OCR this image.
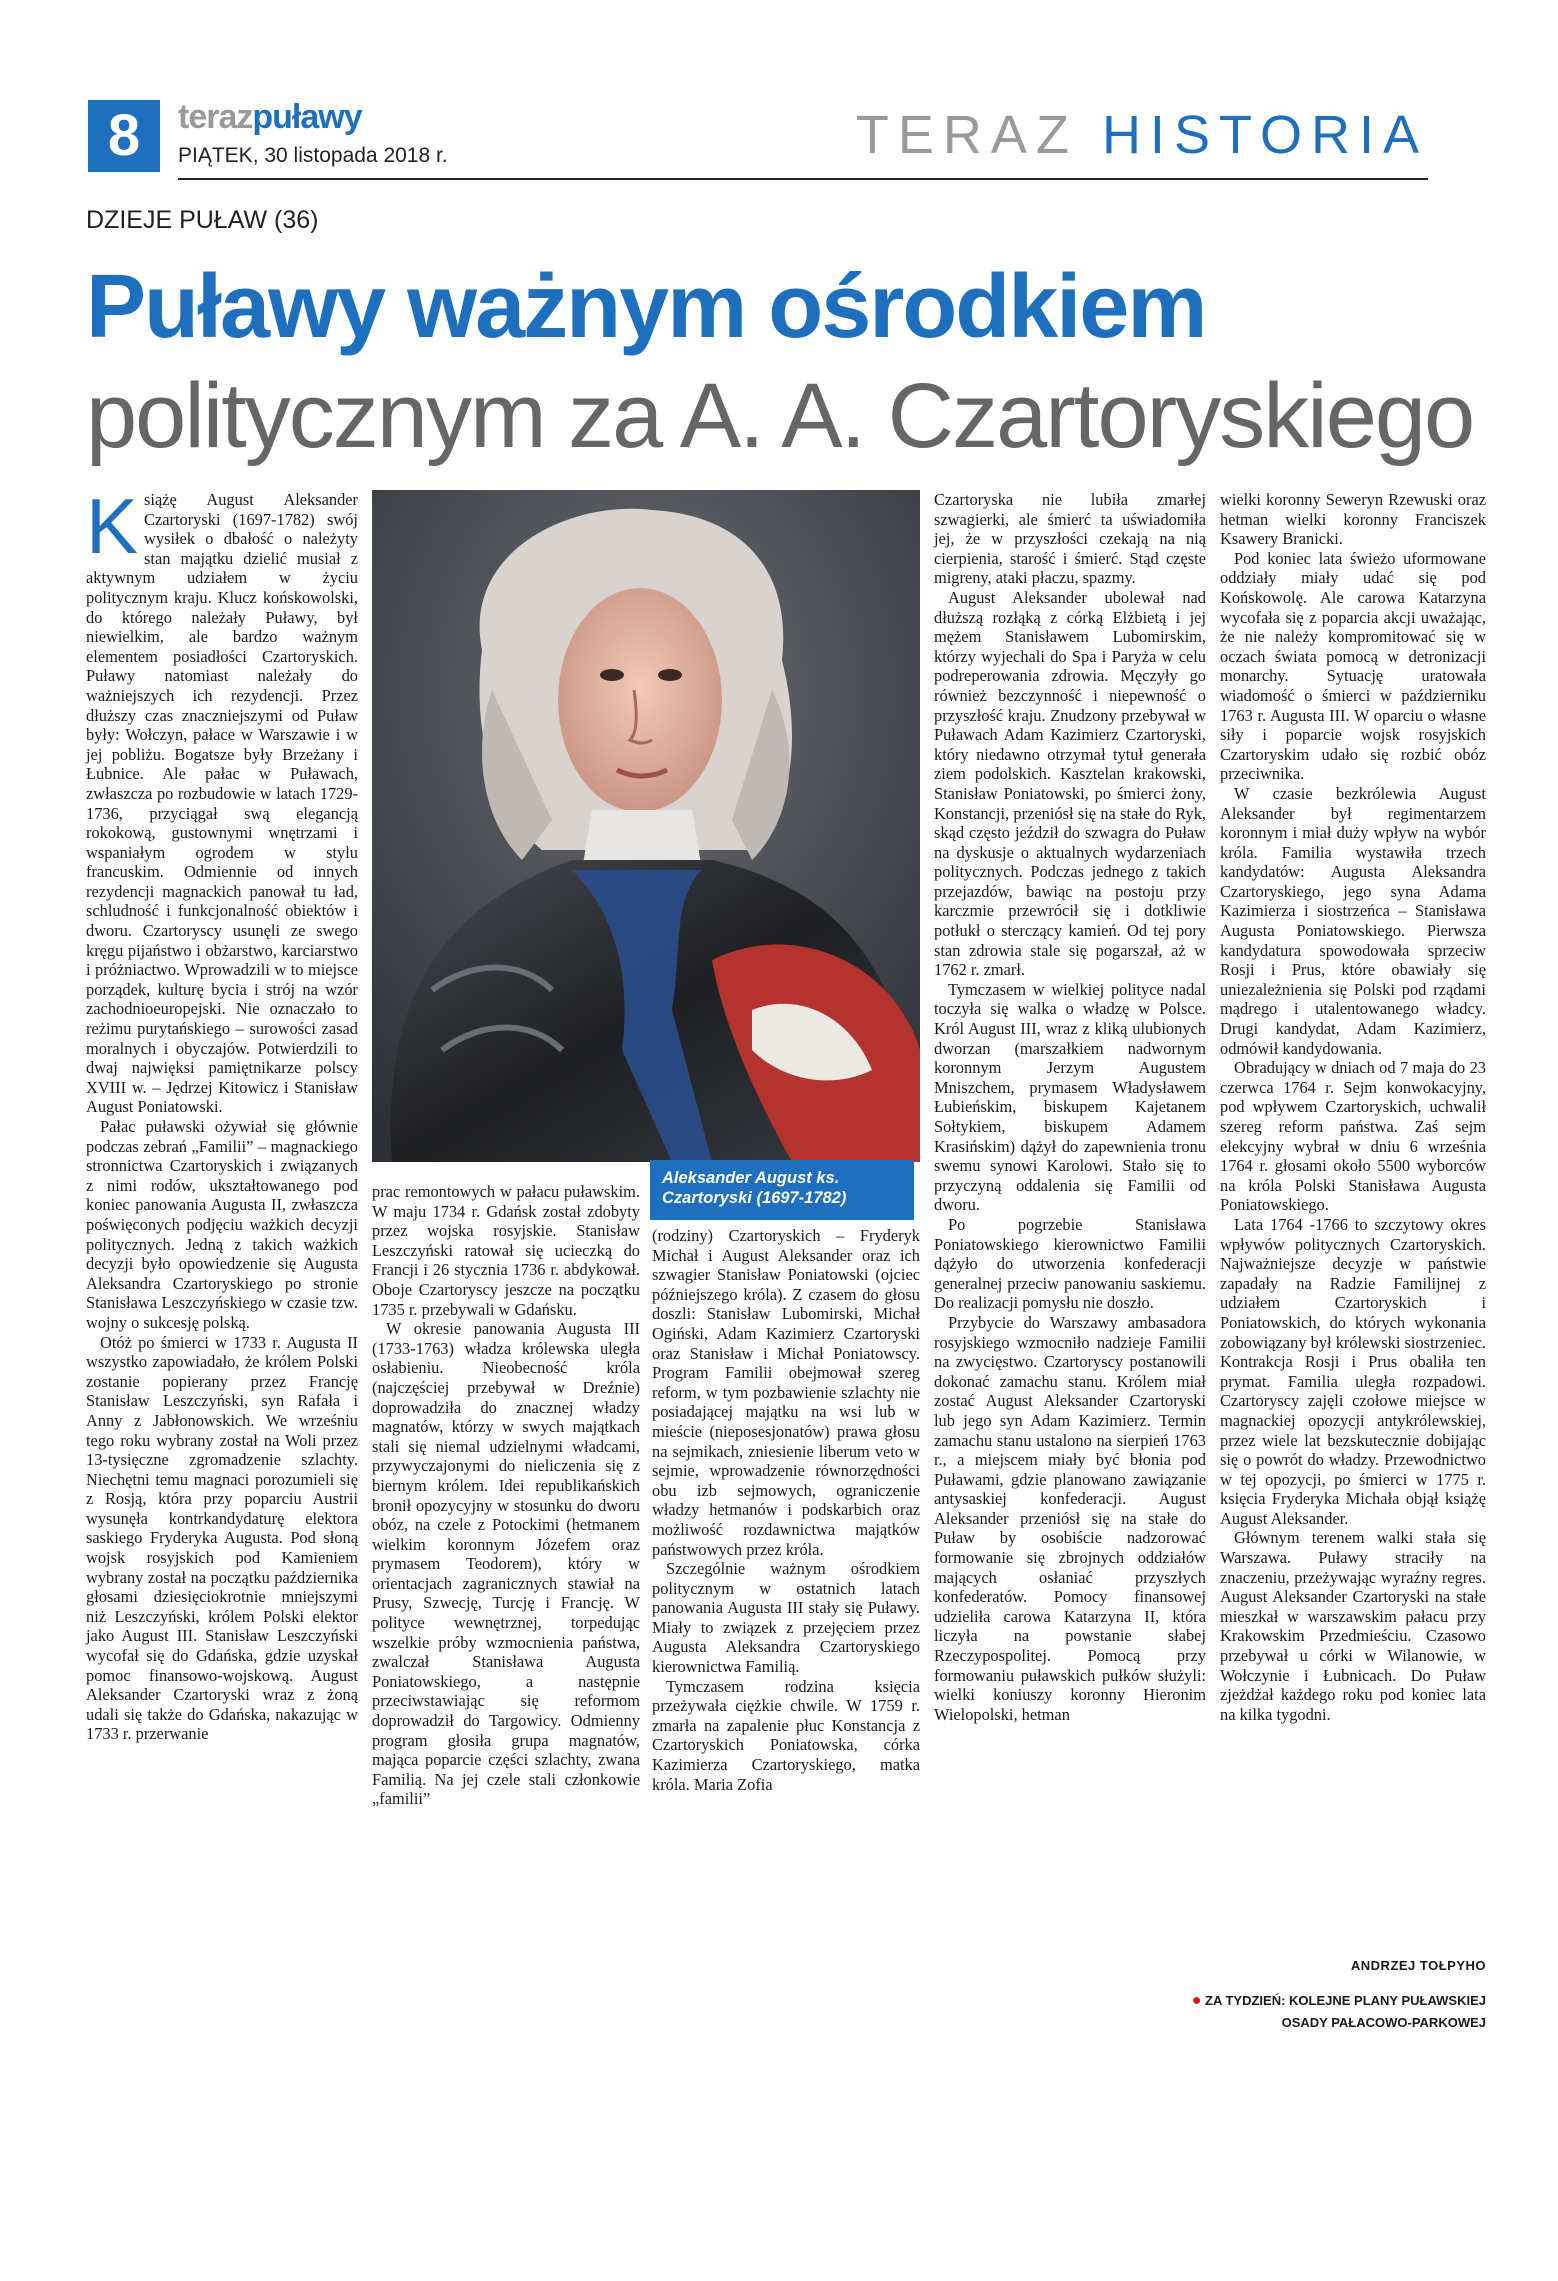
8	terazpuławy
PIĄTEK, 30 listopada 2018 r.	TERAZ HISTORIA
DZIEJE PUŁAW (36)
Puławy ważnym ośrodkiem
politycznym za A. A. Czartoryskiego

Książę August Aleksander Czartoryski (1697-1782) swój wysiłek o dbałość o należyty stan majątku dzielić musiał z aktywnym udziałem w życiu politycznym kraju. Klucz końskowolski, do którego należały Puławy, był niewielkim, ale bardzo ważnym elementem posiadłości Czartoryskich. Puławy natomiast należały do ważniejszych ich rezydencji. Przez dłuższy czas znaczniejszymi od Puław były: Wołczyn, pałace w Warszawie i w jej pobliżu. Bogatsze były Brzeżany i Łubnice. Ale pałac w Puławach, zwłaszcza po rozbudowie w latach 1729-1736, przyciągał swą elegancją rokokową, gustownymi wnętrzami i wspaniałym ogrodem w stylu francuskim. Odmiennie od innych rezydencji magnackich panował tu ład, schludność i funkcjonalność obiektów i dworu. Czartoryscy usunęli ze swego kręgu pijaństwo i obżarstwo, karciarstwo i próżniactwo. Wprowadzili w to miejsce porządek, kulturę bycia i strój na wzór zachodnioeuropejski. Nie oznaczało to reżimu purytańskiego – surowości zasad moralnych i obyczajów. Potwierdzili to dwaj najwięksi pamiętnikarze polscy XVIII w. – Jędrzej Kitowicz i Stanisław August Poniatowski.

Pałac puławski ożywiał się głównie podczas zebrań „Familii” – magnackiego stronnictwa Czartoryskich i związanych z nimi rodów, ukształtowanego pod koniec panowania Augusta II, zwłaszcza poświęconych podjęciu ważkich decyzji politycznych. Jedną z takich ważkich decyzji było opowiedzenie się Augusta Aleksandra Czartoryskiego po stronie Stanisława Leszczyńskiego w czasie tzw. wojny o sukcesję polską.

Otóż po śmierci w 1733 r. Augusta II wszystko zapowiadało, że królem Polski zostanie popierany przez Francję Stanisław Leszczyński, syn Rafała i Anny z Jabłonowskich. We wrześniu tego roku wybrany został na Woli przez 13-tysięczne zgromadzenie szlachty. Niechętni temu magnaci porozumieli się z Rosją, która przy poparciu Austrii wysunęła kontrkandydaturę elektora saskiego Fryderyka Augusta. Pod słoną wojsk rosyjskich pod Kamieniem wybrany został na początku października głosami dziesięciokrotnie mniejszymi niż Leszczyński, królem Polski elektor jako August III. Stanisław Leszczyński wycofał się do Gdańska, gdzie uzyskał pomoc finansowo-wojskową. August Aleksander Czartoryski wraz z żoną udali się także do Gdańska, nakazując w 1733 r. przerwanie

Aleksander August ks. Czartoryski (1697-1782)

prac remontowych w pałacu puławskim. W maju 1734 r. Gdańsk został zdobyty przez wojska rosyjskie. Stanisław Leszczyński ratował się ucieczką do Francji i 26 stycznia 1736 r. abdykował. Oboje Czartoryscy jeszcze na początku 1735 r. przebywali w Gdańsku.

W okresie panowania Augusta III (1733-1763) władza królewska uległa osłabieniu. Nieobecność króla (najczęściej przebywał w Dreźnie) doprowadziła do znacznej władzy magnatów, którzy w swych majątkach stali się niemal udzielnymi władcami, przywyczajonymi do nieliczenia się z biernym królem. Idei republikańskich bronił opozycyjny w stosunku do dworu obóz, na czele z Potockimi (hetmanem wielkim koronnym Józefem oraz prymasem Teodorem), który w orientacjach zagranicznych stawiał na Prusy, Szwecję, Turcję i Francję. W polityce wewnętrznej, torpedując wszelkie próby wzmocnienia państwa, zwalczał Stanisława Augusta Poniatowskiego, a następnie przeciwstawiając się reformom doprowadził do Targowicy. Odmienny program głosiła grupa magnatów, mająca poparcie części szlachty, zwana Familią. Na jej czele stali członkowie „familii”

(rodziny) Czartoryskich – Fryderyk Michał i August Aleksander oraz ich szwagier Stanisław Poniatowski (ojciec późniejszego króla). Z czasem do głosu doszli: Stanisław Lubomirski, Michał Ogiński, Adam Kazimierz Czartoryski oraz Stanisław i Michał Poniatowscy. Program Familii obejmował szereg reform, w tym pozbawienie szlachty nie posiadającej majątku na wsi lub w mieście (nieposesjonatów) prawa głosu na sejmikach, zniesienie liberum veto w sejmie, wprowadzenie równorzędności obu izb sejmowych, ograniczenie władzy hetmanów i podskarbich oraz możliwość rozdawnictwa majątków państwowych przez króla.

Szczególnie ważnym ośrodkiem politycznym w ostatnich latach panowania Augusta III stały się Puławy. Miały to związek z przejęciem przez Augusta Aleksandra Czartoryskiego kierownictwa Familią.

Tymczasem rodzina księcia przeżywała ciężkie chwile. W 1759 r. zmarła na zapalenie płuc Konstancja z Czartoryskich Poniatowska, córka Kazimierza Czartoryskiego, matka króla. Maria Zofia

Czartoryska nie lubiła zmarłej szwagierki, ale śmierć ta uświadomiła jej, że w przyszłości czekają na nią cierpienia, starość i śmierć. Stąd częste migreny, ataki płaczu, spazmy.

August Aleksander ubolewał nad dłuższą rozłąką z córką Elżbietą i jej mężem Stanisławem Lubomirskim, którzy wyjechali do Spa i Paryża w celu podreperowania zdrowia. Męczyły go również bezczynność i niepewność o przyszłość kraju. Znudzony przebywał w Puławach Adam Kazimierz Czartoryski, który niedawno otrzymał tytuł generała ziem podolskich. Kasztelan krakowski, Stanisław Poniatowski, po śmierci żony, Konstancji, przeniósł się na stałe do Ryk, skąd często jeździł do szwagra do Puław na dyskusje o aktualnych wydarzeniach politycznych. Podczas jednego z takich przejazdów, bawiąc na postoju przy karczmie przewrócił się i dotkliwie potłukł o sterczący kamień. Od tej pory stan zdrowia stale się pogarszał, aż w 1762 r. zmarł.

Tymczasem w wielkiej polityce nadal toczyła się walka o władzę w Polsce. Król August III, wraz z kliką ulubionych dworzan (marszałkiem nadwornym koronnym Jerzym Augustem Mniszchem, prymasem Władysławem Łubieńskim, biskupem Kajetanem Sołtykiem, biskupem Adamem Krasińskim) dążył do zapewnienia tronu swemu synowi Karolowi. Stało się to przyczyną oddalenia się Familii od dworu.

Po pogrzebie Stanisława Poniatowskiego kierownictwo Familii dążyło do utworzenia konfederacji generalnej przeciw panowaniu saskiemu. Do realizacji pomysłu nie doszło.

Przybycie do Warszawy ambasadora rosyjskiego wzmocniło nadzieje Familii na zwycięstwo. Czartoryscy postanowili dokonać zamachu stanu. Królem miał zostać August Aleksander Czartoryski lub jego syn Adam Kazimierz. Termin zamachu stanu ustalono na sierpień 1763 r., a miejscem miały być błonia pod Puławami, gdzie planowano zawiązanie antysaskiej konfederacji. August Aleksander przeniósł się na stałe do Puław by osobiście nadzorować formowanie się zbrojnych oddziałów mających osłaniać przyszłych konfederatów. Pomocy finansowej udzieliła carowa Katarzyna II, która liczyła na powstanie słabej Rzeczypospolitej. Pomocą przy formowaniu puławskich pułków służyli: wielki koniuszy koronny Hieronim Wielopolski, hetman

wielki koronny Seweryn Rzewuski oraz hetman wielki koronny Franciszek Ksawery Branicki.

Pod koniec lata świeżo uformowane oddziały miały udać się pod Końskowolę. Ale carowa Katarzyna wycofała się z poparcia akcji uważając, że nie należy kompromitować się w oczach świata pomocą w detronizacji monarchy. Sytuację uratowała wiadomość o śmierci w październiku 1763 r. Augusta III. W oparciu o własne siły i poparcie wojsk rosyjskich Czartoryskim udało się rozbić obóz przeciwnika.

W czasie bezkrólewia August Aleksander był regimentarzem koronnym i miał duży wpływ na wybór króla. Familia wystawiła trzech kandydatów: Augusta Aleksandra Czartoryskiego, jego syna Adama Kazimierza i siostrzeńca – Stanisława Augusta Poniatowskiego. Pierwsza kandydatura spowodowała sprzeciw Rosji i Prus, które obawiały się uniezależnienia się Polski pod rządami mądrego i utalentowanego władcy. Drugi kandydat, Adam Kazimierz, odmówił kandydowania.

Obradujący w dniach od 7 maja do 23 czerwca 1764 r. Sejm konwokacyjny, pod wpływem Czartoryskich, uchwalił szereg reform państwa. Zaś sejm elekcyjny wybrał w dniu 6 września 1764 r. głosami około 5500 wyborców na króla Polski Stanisława Augusta Poniatowskiego.

Lata 1764 -1766 to szczytowy okres wpływów politycznych Czartoryskich. Najważniejsze decyzje w państwie zapadały na Radzie Familijnej z udziałem Czartoryskich i Poniatowskich, do których wykonania zobowiązany był królewski siostrzeniec. Kontrakcja Rosji i Prus obaliła ten prymat. Familia uległa rozpadowi. Czartoryscy zajęli czołowe miejsce w magnackiej opozycji antykrólewskiej, przez wiele lat bezskutecznie dobijając się o powrót do władzy. Przewodnictwo w tej opozycji, po śmierci w 1775 r. księcia Fryderyka Michała objął książę August Aleksander.

Głównym terenem walki stała się Warszawa. Puławy straciły na znaczeniu, przeżywając wyraźny regres. August Aleksander Czartoryski na stałe mieszkał w warszawskim pałacu przy Krakowskim Przedmieściu. Czasowo przebywał u córki w Wilanowie, w Wołczynie i Łubnicach. Do Puław zjeżdżał każdego roku pod koniec lata na kilka tygodni.

ANDRZEJ TOŁPYHO
● ZA TYDZIEŃ: KOLEJNE PLANY PUŁAWSKIEJ OSADY PAŁACOWO-PARKOWEJ
